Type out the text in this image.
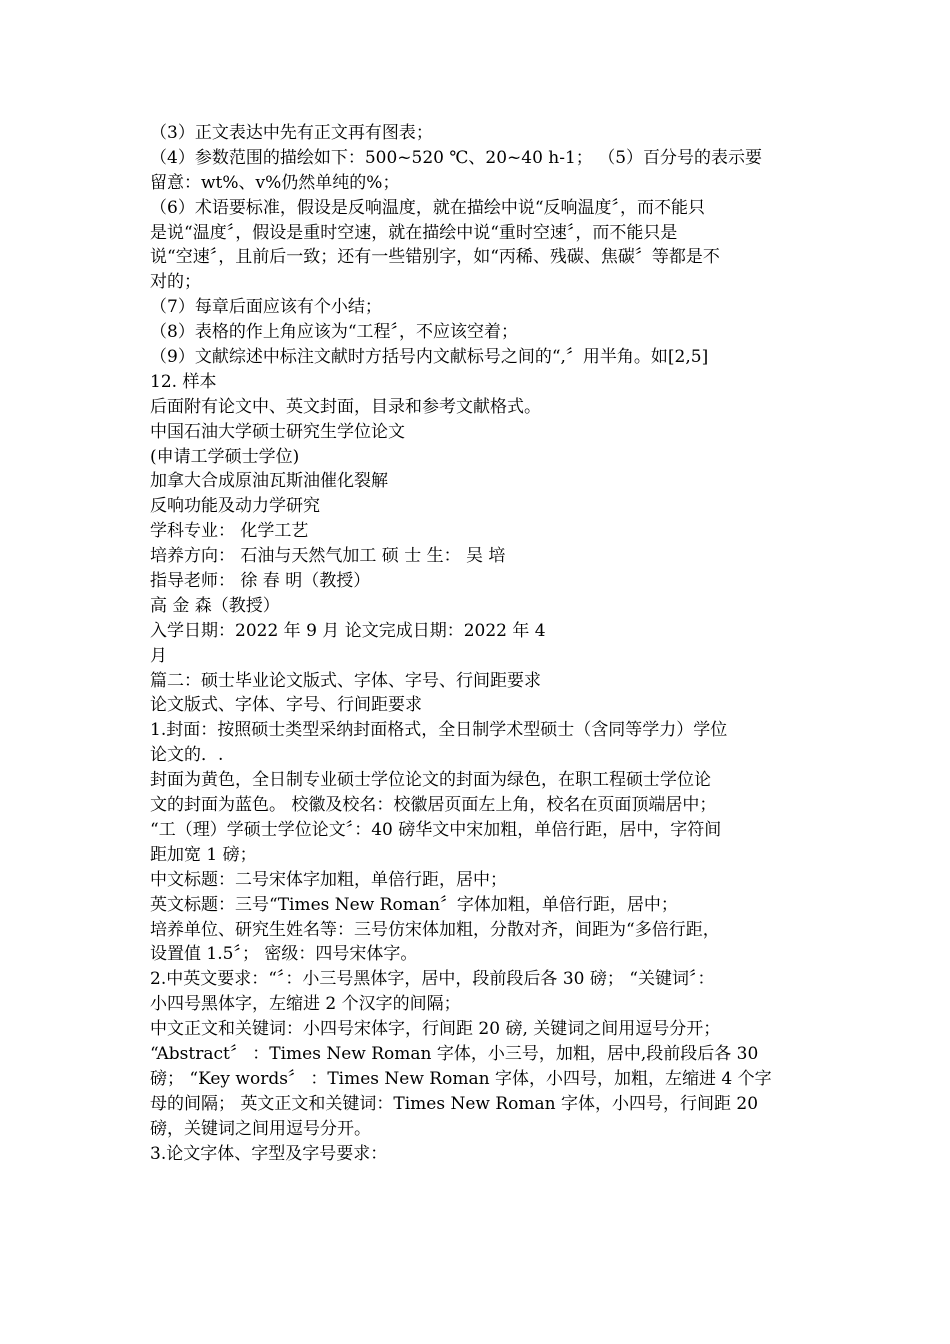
（3）正文表达中先有正文再有图表；
（4）参数范围的描绘如下：500~520 ℃、20~40 h-1； （5）百分号的表示要
留意：wt%、v%仍然单纯的%；
（6）术语要标准，假设是反响温度，就在描绘中说“反响温度〞，而不能只
是说“温度〞，假设是重时空速，就在描绘中说“重时空速〞，而不能只是
说“空速〞，且前后一致；还有一些错别字，如“丙稀、残碳、焦碳〞等都是不
对的；
（7）每章后面应该有个小结；
（8）表格的作上角应该为“工程〞，不应该空着；
（9）文献综述中标注文献时方括号内文献标号之间的“,〞用半角。如[2,5]
12. 样本
后面附有论文中、英文封面，目录和参考文献格式。
中国石油大学硕士研究生学位论文
(申请工学硕士学位)
加拿大合成原油瓦斯油催化裂解
反响功能及动力学研究
学科专业： 化学工艺
培养方向： 石油与天然气加工 硕 士 生： 吴 培
指导老师： 徐 春 明（教授）
高 金 森（教授）
入学日期：2022 年 9 月 论文完成日期：2022 年 4
月
篇二：硕士毕业论文版式、字体、字号、行间距要求
论文版式、字体、字号、行间距要求
1.封面：按照硕士类型采纳封面格式，全日制学术型硕士（含同等学力）学位
论文的．.
封面为黄色，全日制专业硕士学位论文的封面为绿色，在职工程硕士学位论
文的封面为蓝色。 校徽及校名：校徽居页面左上角，校名在页面顶端居中；
“工（理）学硕士学位论文〞：40 磅华文中宋加粗，单倍行距，居中，字符间
距加宽 1 磅；
中文标题：二号宋体字加粗，单倍行距，居中；
英文标题：三号“Times New Roman〞字体加粗，单倍行距，居中；
培养单位、研究生姓名等：三号仿宋体加粗，分散对齐，间距为“多倍行距，
设置值 1.5〞； 密级：四号宋体字。
2.中英文要求：“〞：小三号黑体字，居中，段前段后各 30 磅； “关键词〞：
小四号黑体字，左缩进 2 个汉字的间隔；
中文正文和关键词：小四号宋体字，行间距 20 磅, 关键词之间用逗号分开；
“Abstract〞 ：Times New Roman 字体，小三号，加粗，居中,段前段后各 30
磅； “Key words〞 ：Times New Roman 字体，小四号，加粗，左缩进 4 个字
母的间隔； 英文正文和关键词：Times New Roman 字体，小四号，行间距 20
磅，关键词之间用逗号分开。
3.论文字体、字型及字号要求：
